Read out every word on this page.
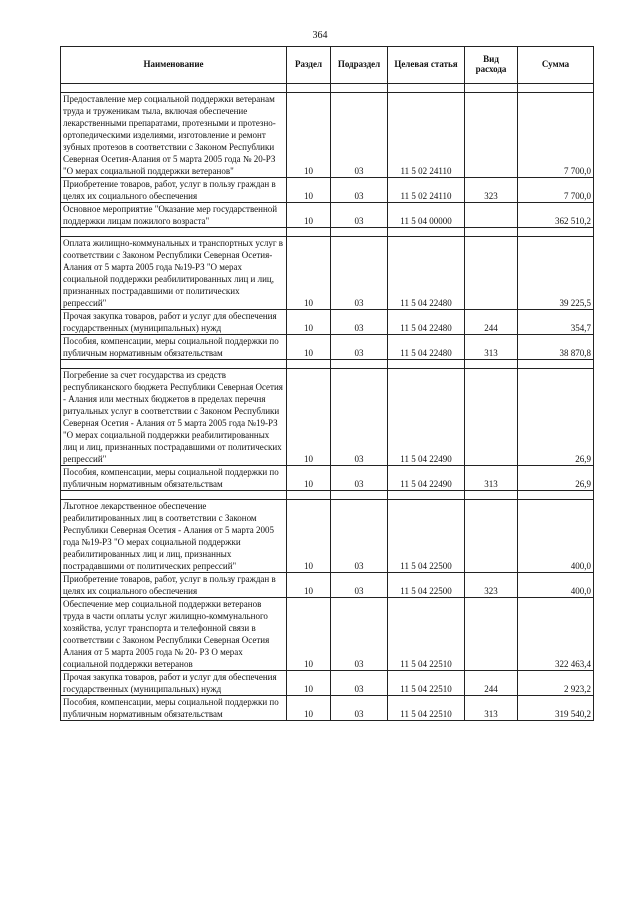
364
Наименование	Раздел	Подраздел	Целевая статья	Вид расхода	Сумма

Предоставление мер социальной поддержки ветеранам труда и труженикам тыла, включая обеспечение лекарственными препаратами, протезными и протезно-ортопедическими изделиями, изготовление и ремонт зубных протезов в соответствии с Законом Республики Северная Осетия-Алания от 5 марта 2005 года № 20-РЗ "О мерах социальной поддержки ветеранов"	10	03	11 5 02 24110		7 700,0
Приобретение товаров, работ, услуг в пользу граждан в целях их социального обеспечения	10	03	11 5 02 24110	323	7 700,0
Основное мероприятие "Оказание мер государственной поддержки лицам пожилого возраста"	10	03	11 5 04 00000		362 510,2

Оплата жилищно-коммунальных и транспортных услуг в соответствии с Законом Республики Северная Осетия-Алания от 5 марта 2005 года №19-РЗ "О мерах социальной поддержки реабилитированных лиц и лиц, признанных пострадавшими от политических репрессий"	10	03	11 5 04 22480		39 225,5
Прочая закупка товаров, работ и услуг для обеспечения государственных (муниципальных) нужд	10	03	11 5 04 22480	244	354,7
Пособия, компенсации, меры социальной поддержки по публичным нормативным обязательствам	10	03	11 5 04 22480	313	38 870,8

Погребение за счет государства из средств республиканского бюджета Республики Северная Осетия - Алания или местных бюджетов в пределах перечня ритуальных услуг в соответствии с Законом Республики Северная Осетия - Алания от 5 марта 2005 года №19-РЗ "О мерах социальной поддержки реабилитированных лиц и лиц, признанных пострадавшими от политических репрессий"	10	03	11 5 04 22490		26,9
Пособия, компенсации, меры социальной поддержки по публичным нормативным обязательствам	10	03	11 5 04 22490	313	26,9

Льготное лекарственное обеспечение реабилитированных лиц в соответствии с Законом Республики Северная Осетия - Алания от 5 марта 2005 года №19-РЗ "О мерах социальной поддержки реабилитированных лиц и лиц, признанных пострадавшими от политических репрессий"	10	03	11 5 04 22500		400,0
Приобретение товаров, работ, услуг в пользу граждан в целях их социального обеспечения	10	03	11 5 04 22500	323	400,0
Обеспечение мер социальной поддержки ветеранов труда в части оплаты услуг жилищно-коммунального хозяйства, услуг транспорта и телефонной связи в соответствии с Законом Республики Северная Осетия Алания от 5 марта 2005 года № 20- РЗ О мерах социальной поддержки ветеранов	10	03	11 5 04 22510		322 463,4
Прочая закупка товаров, работ и услуг для обеспечения государственных (муниципальных) нужд	10	03	11 5 04 22510	244	2 923,2
Пособия, компенсации, меры социальной поддержки по публичным нормативным обязательствам	10	03	11 5 04 22510	313	319 540,2
